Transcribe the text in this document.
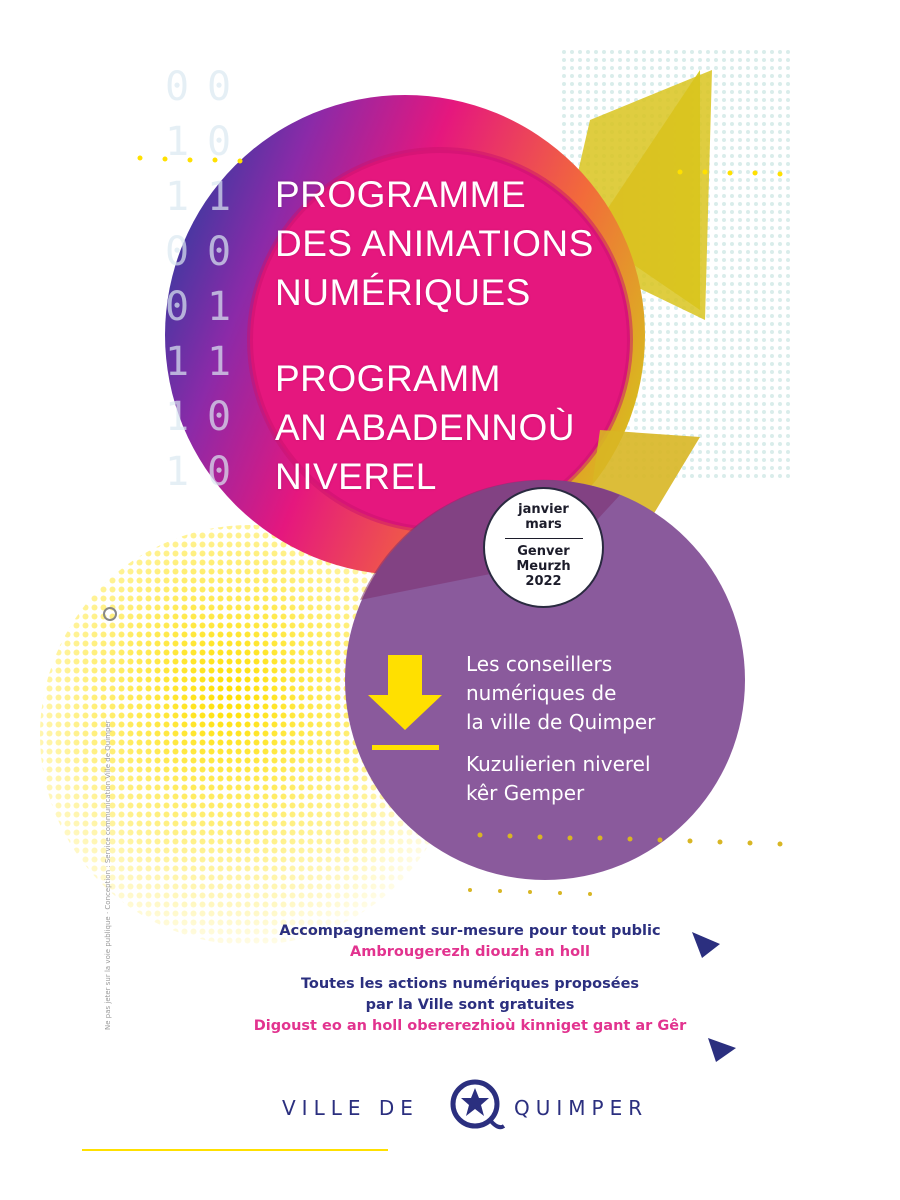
0 0
1 0
1 1
0 0
0 1
1 1
1 0
1 0
PROGRAMME
DES ANIMATIONS
NUMÉRIQUES
PROGRAMM
AN ABADENNOÙ
NIVEREL
janvier
mars
Genver
Meurzh
2022
Les conseillers
numériques de
la ville de Quimper
Kuzulierien niverel
kêr Gemper
Accompagnement sur-mesure pour tout public
Ambrougerezh diouzh an holl
Toutes les actions numériques proposées
par la Ville sont gratuites
Digoust eo an holl obererezhioù kinniget gant ar Gêr
VILLE DE	QUIMPER
Ne pas jeter sur la voie publique · Conception : Service communication Ville de Quimper
